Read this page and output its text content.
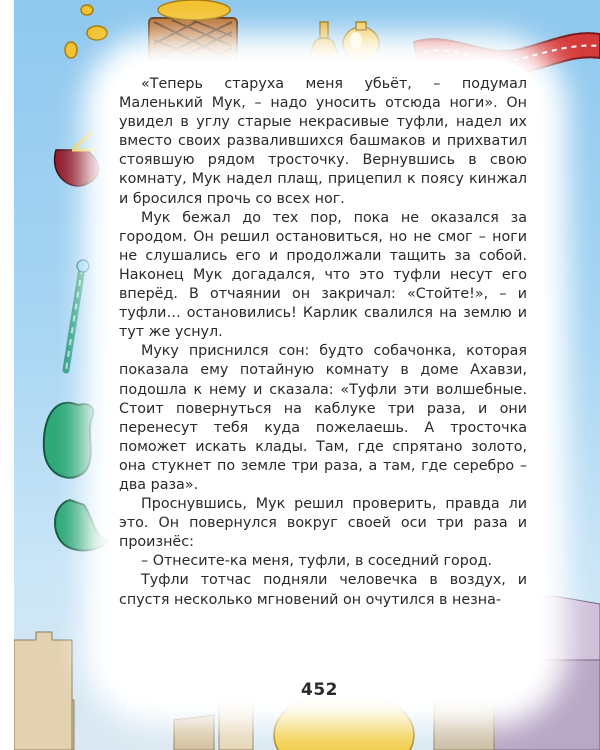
«Теперь старуха меня убьёт, – подумал Маленький Мук, – надо уносить отсюда ноги». Он увидел в углу старые некрасивые туфли, надел их вместо своих развалившихся башмаков и прихватил стоявшую рядом тросточку. Вернувшись в свою комнату, Мук надел плащ, прицепил к поясу кинжал и бросился прочь со всех ног.

Мук бежал до тех пор, пока не оказался за городом. Он решил остановиться, но не смог – ноги не слушались его и продолжали тащить за собой. Наконец Мук догадался, что это туфли несут его вперёд. В отчаянии он закричал: «Стойте!», – и туфли… остановились! Карлик свалился на землю и тут же уснул.

Муку приснился сон: будто собачонка, которая показала ему потайную комнату в доме Ахавзи, подошла к нему и сказала: «Туфли эти волшебные. Стоит повернуться на каблуке три раза, и они перенесут тебя куда пожелаешь. А тросточка поможет искать клады. Там, где спрятано золото, она стукнет по земле три раза, а там, где серебро – два раза».

Проснувшись, Мук решил проверить, правда ли это. Он повернулся вокруг своей оси три раза и произнёс:

– Отнесите-ка меня, туфли, в соседний город.

Туфли тотчас подняли человечка в воздух, и спустя несколько мгновений он очутился в незна-

452
